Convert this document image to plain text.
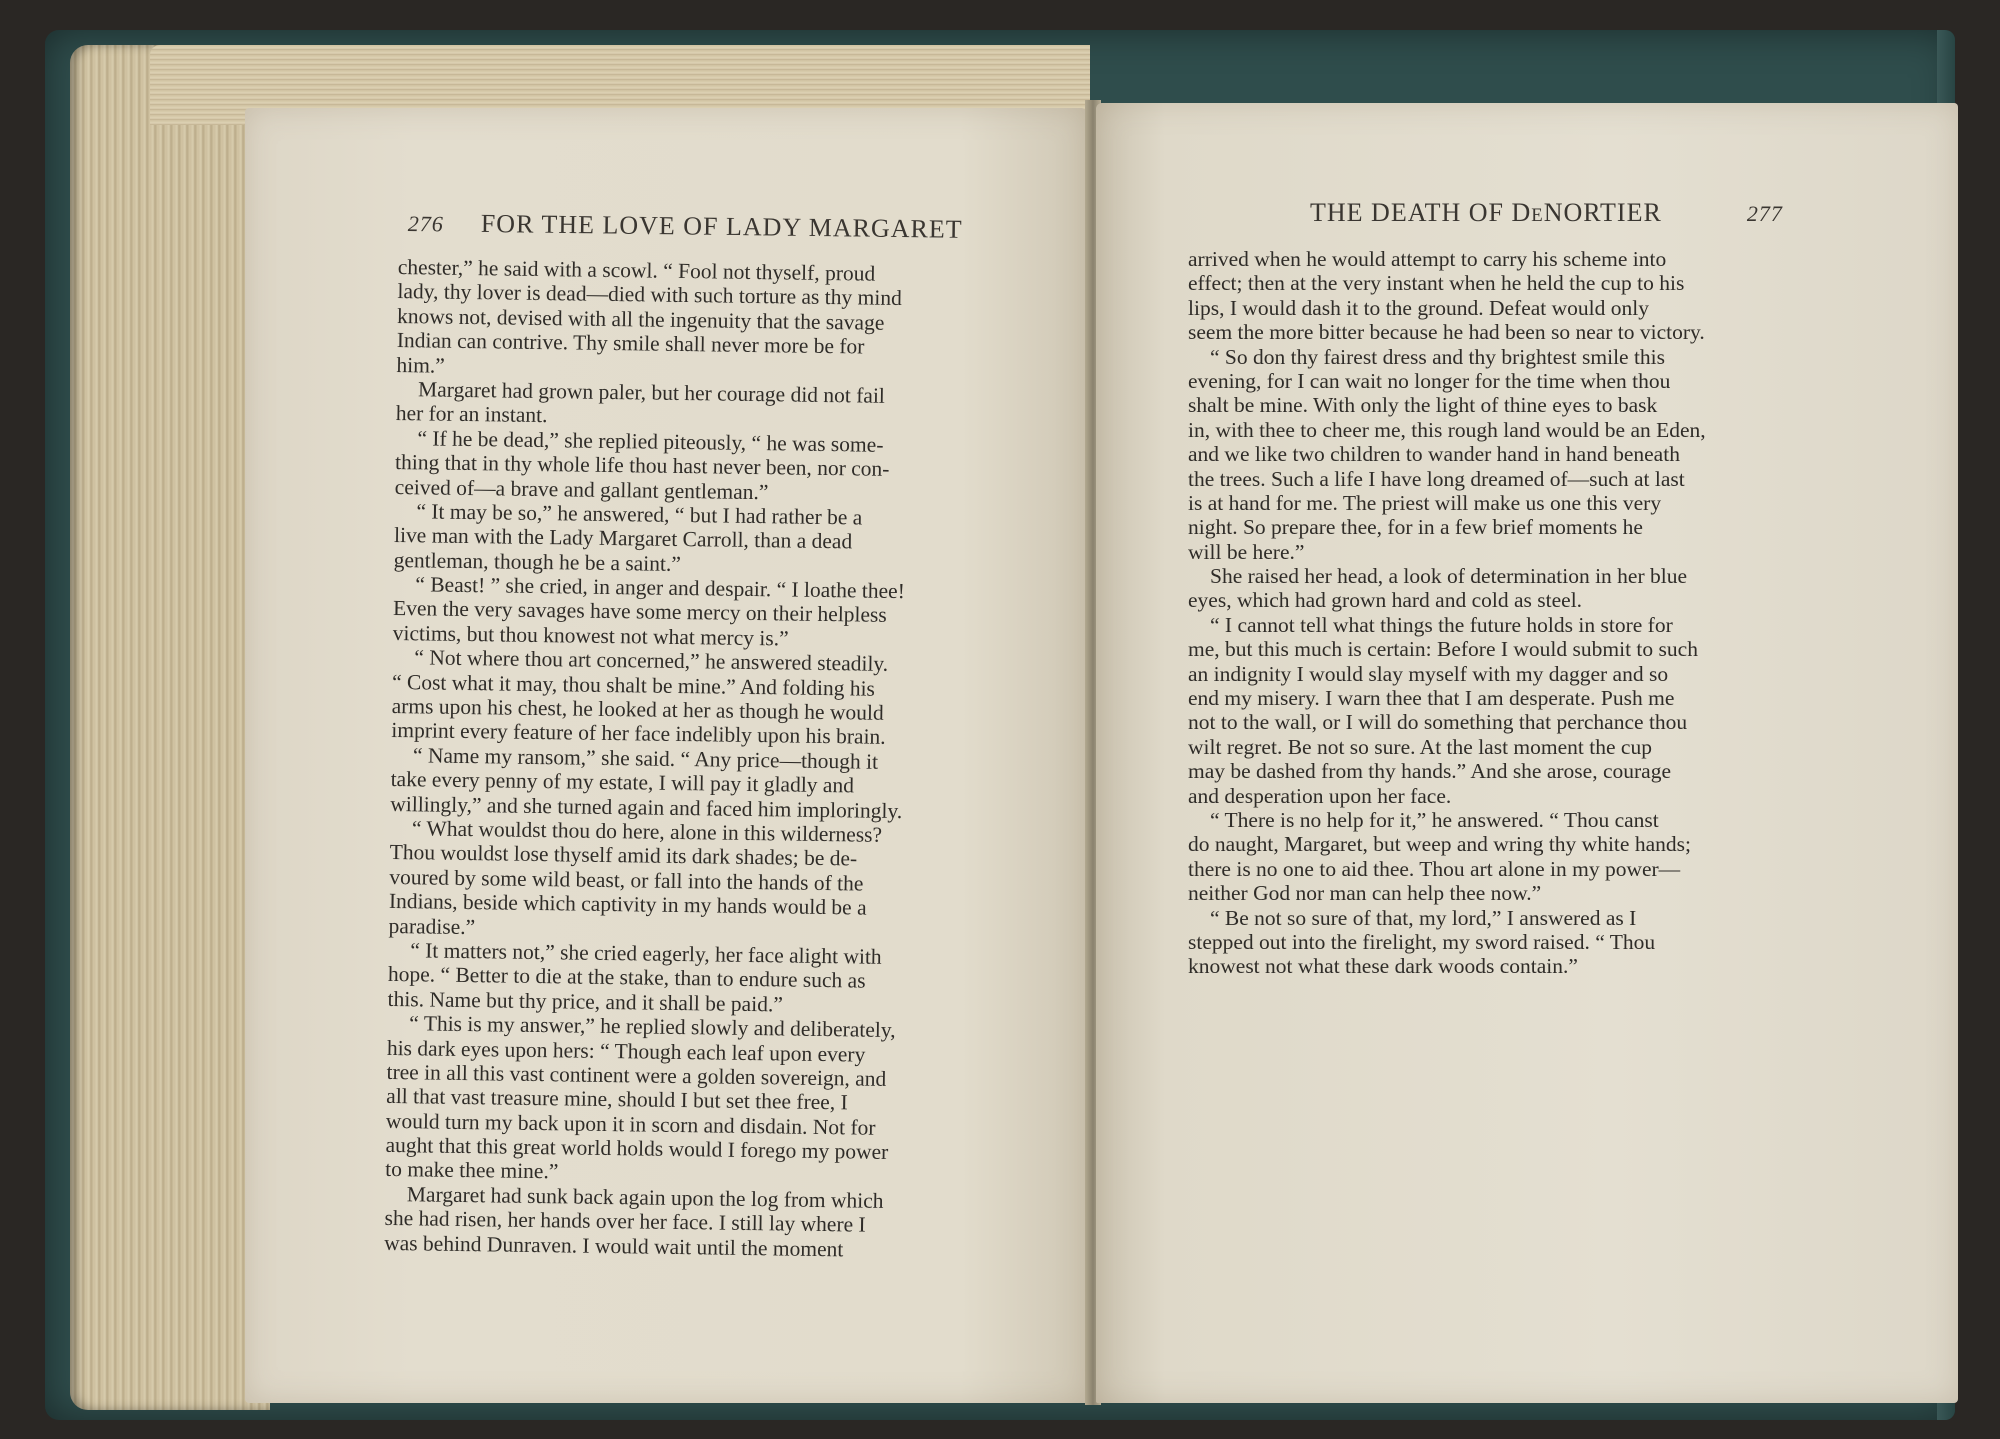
276 FOR THE LOVE OF LADY MARGARET
chester,” he said with a scowl. “ Fool not thyself, proud
lady, thy lover is dead—died with such torture as thy mind
knows not, devised with all the ingenuity that the savage
Indian can contrive. Thy smile shall never more be for
him.”
Margaret had grown paler, but her courage did not fail
her for an instant.
“ If he be dead,” she replied piteously, “ he was some-
thing that in thy whole life thou hast never been, nor con-
ceived of—a brave and gallant gentleman.”
“ It may be so,” he answered, “ but I had rather be a
live man with the Lady Margaret Carroll, than a dead
gentleman, though he be a saint.”
“ Beast! ” she cried, in anger and despair. “ I loathe thee!
Even the very savages have some mercy on their helpless
victims, but thou knowest not what mercy is.”
“ Not where thou art concerned,” he answered steadily.
“ Cost what it may, thou shalt be mine.” And folding his
arms upon his chest, he looked at her as though he would
imprint every feature of her face indelibly upon his brain.
“ Name my ransom,” she said. “ Any price—though it
take every penny of my estate, I will pay it gladly and
willingly,” and she turned again and faced him imploringly.
“ What wouldst thou do here, alone in this wilderness?
Thou wouldst lose thyself amid its dark shades; be de-
voured by some wild beast, or fall into the hands of the
Indians, beside which captivity in my hands would be a
paradise.”
“ It matters not,” she cried eagerly, her face alight with
hope. “ Better to die at the stake, than to endure such as
this. Name but thy price, and it shall be paid.”
“ This is my answer,” he replied slowly and deliberately,
his dark eyes upon hers: “ Though each leaf upon every
tree in all this vast continent were a golden sovereign, and
all that vast treasure mine, should I but set thee free, I
would turn my back upon it in scorn and disdain. Not for
aught that this great world holds would I forego my power
to make thee mine.”
Margaret had sunk back again upon the log from which
she had risen, her hands over her face. I still lay where I
was behind Dunraven. I would wait until the moment
THE DEATH OF DENORTIER	277
arrived when he would attempt to carry his scheme into
effect; then at the very instant when he held the cup to his
lips, I would dash it to the ground. Defeat would only
seem the more bitter because he had been so near to victory.
“ So don thy fairest dress and thy brightest smile this
evening, for I can wait no longer for the time when thou
shalt be mine. With only the light of thine eyes to bask
in, with thee to cheer me, this rough land would be an Eden,
and we like two children to wander hand in hand beneath
the trees. Such a life I have long dreamed of—such at last
is at hand for me. The priest will make us one this very
night. So prepare thee, for in a few brief moments he
will be here.”
She raised her head, a look of determination in her blue
eyes, which had grown hard and cold as steel.
“ I cannot tell what things the future holds in store for
me, but this much is certain: Before I would submit to such
an indignity I would slay myself with my dagger and so
end my misery. I warn thee that I am desperate. Push me
not to the wall, or I will do something that perchance thou
wilt regret. Be not so sure. At the last moment the cup
may be dashed from thy hands.” And she arose, courage
and desperation upon her face.
“ There is no help for it,” he answered. “ Thou canst
do naught, Margaret, but weep and wring thy white hands;
there is no one to aid thee. Thou art alone in my power—
neither God nor man can help thee now.”
“ Be not so sure of that, my lord,” I answered as I
stepped out into the firelight, my sword raised. “ Thou
knowest not what these dark woods contain.”
